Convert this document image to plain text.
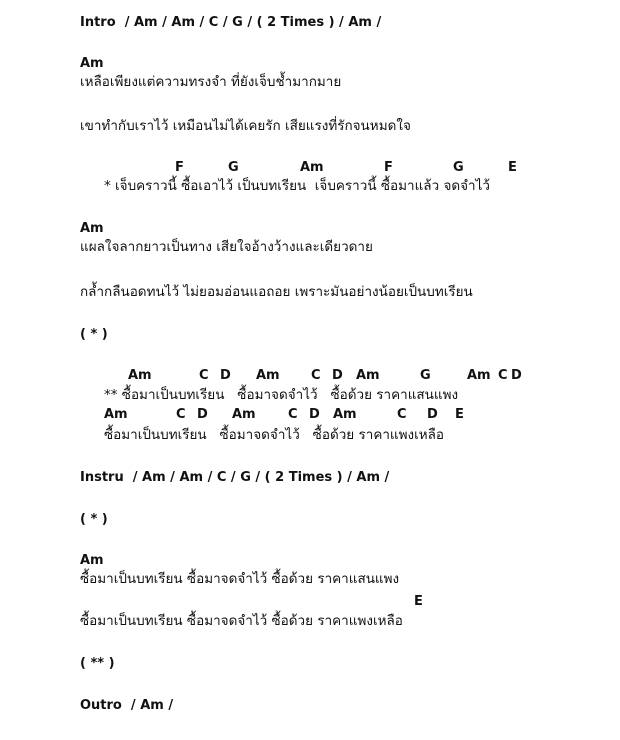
Intro  / Am / Am / C / G / ( 2 Times ) / Am /
Am
เหลือเพียงแต่ความทรงจำ ที่ยังเจ็บช้ำมากมาย
เขาทำกับเราไว้ เหมือนไม่ได้เคยรัก เสียแรงที่รักจนหมดใจ
F	G	Am	F	G	E
* เจ็บคราวนี้ ซื้อเอาไว้ เป็นบทเรียน  เจ็บคราวนี้ ซื้อมาแล้ว จดจำไว้
Am
แผลใจลากยาวเป็นทาง เสียใจอ้างว้างและเดียวดาย
กล้ำกลืนอดทนไว้ ไม่ยอมอ่อนแอถอย เพราะมันอย่างน้อยเป็นบทเรียน
( * )
Am	C D Am C D Am	G	Am C D
** ซื้อมาเป็นบทเรียน   ซื้อมาจดจำไว้   ซื้อด้วย ราคาแสนแพง
Am	C D Am C D Am	C D E
ซื้อมาเป็นบทเรียน   ซื้อมาจดจำไว้   ซื้อด้วย ราคาแพงเหลือ
Instru  / Am / Am / C / G / ( 2 Times ) / Am /
( * )
Am
ซื้อมาเป็นบทเรียน ซื้อมาจดจำไว้ ซื้อด้วย ราคาแสนแพง
E
ซื้อมาเป็นบทเรียน ซื้อมาจดจำไว้ ซื้อด้วย ราคาแพงเหลือ
( ** )
Outro  / Am /
